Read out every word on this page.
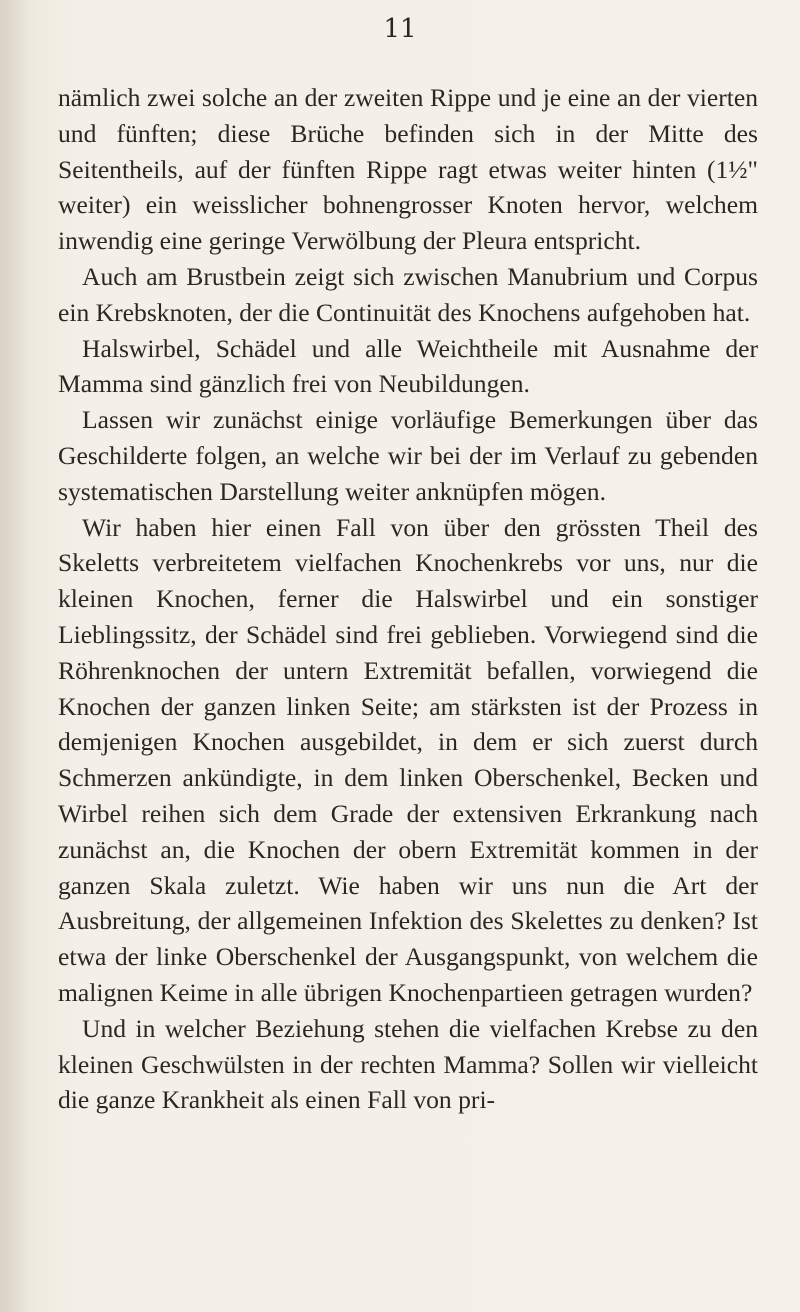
11

nämlich zwei solche an der zweiten Rippe und je eine an der vierten und fünften; diese Brüche befinden sich in der Mitte des Seitentheils, auf der fünften Rippe ragt etwas weiter hinten (1½" weiter) ein weisslicher bohnengrosser Knoten hervor, welchem inwendig eine geringe Verwölbung der Pleura entspricht.

Auch am Brustbein zeigt sich zwischen Manubrium und Corpus ein Krebsknoten, der die Continuität des Knochens aufgehoben hat.

Halswirbel, Schädel und alle Weichtheile mit Ausnahme der Mamma sind gänzlich frei von Neubildungen.

Lassen wir zunächst einige vorläufige Bemerkungen über das Geschilderte folgen, an welche wir bei der im Verlauf zu gebenden systematischen Darstellung weiter anknüpfen mögen.

Wir haben hier einen Fall von über den grössten Theil des Skeletts verbreitetem vielfachen Knochenkrebs vor uns, nur die kleinen Knochen, ferner die Halswirbel und ein sonstiger Lieblingssitz, der Schädel sind frei geblieben. Vorwiegend sind die Röhrenknochen der untern Extremität befallen, vorwiegend die Knochen der ganzen linken Seite; am stärksten ist der Prozess in demjenigen Knochen ausgebildet, in dem er sich zuerst durch Schmerzen ankündigte, in dem linken Oberschenkel, Becken und Wirbel reihen sich dem Grade der extensiven Erkrankung nach zunächst an, die Knochen der obern Extremität kommen in der ganzen Skala zuletzt. Wie haben wir uns nun die Art der Ausbreitung, der allgemeinen Infektion des Skelettes zu denken? Ist etwa der linke Oberschenkel der Ausgangspunkt, von welchem die malignen Keime in alle übrigen Knochenpartieen getragen wurden?

Und in welcher Beziehung stehen die vielfachen Krebse zu den kleinen Geschwülsten in der rechten Mamma? Sollen wir vielleicht die ganze Krankheit als einen Fall von pri-
